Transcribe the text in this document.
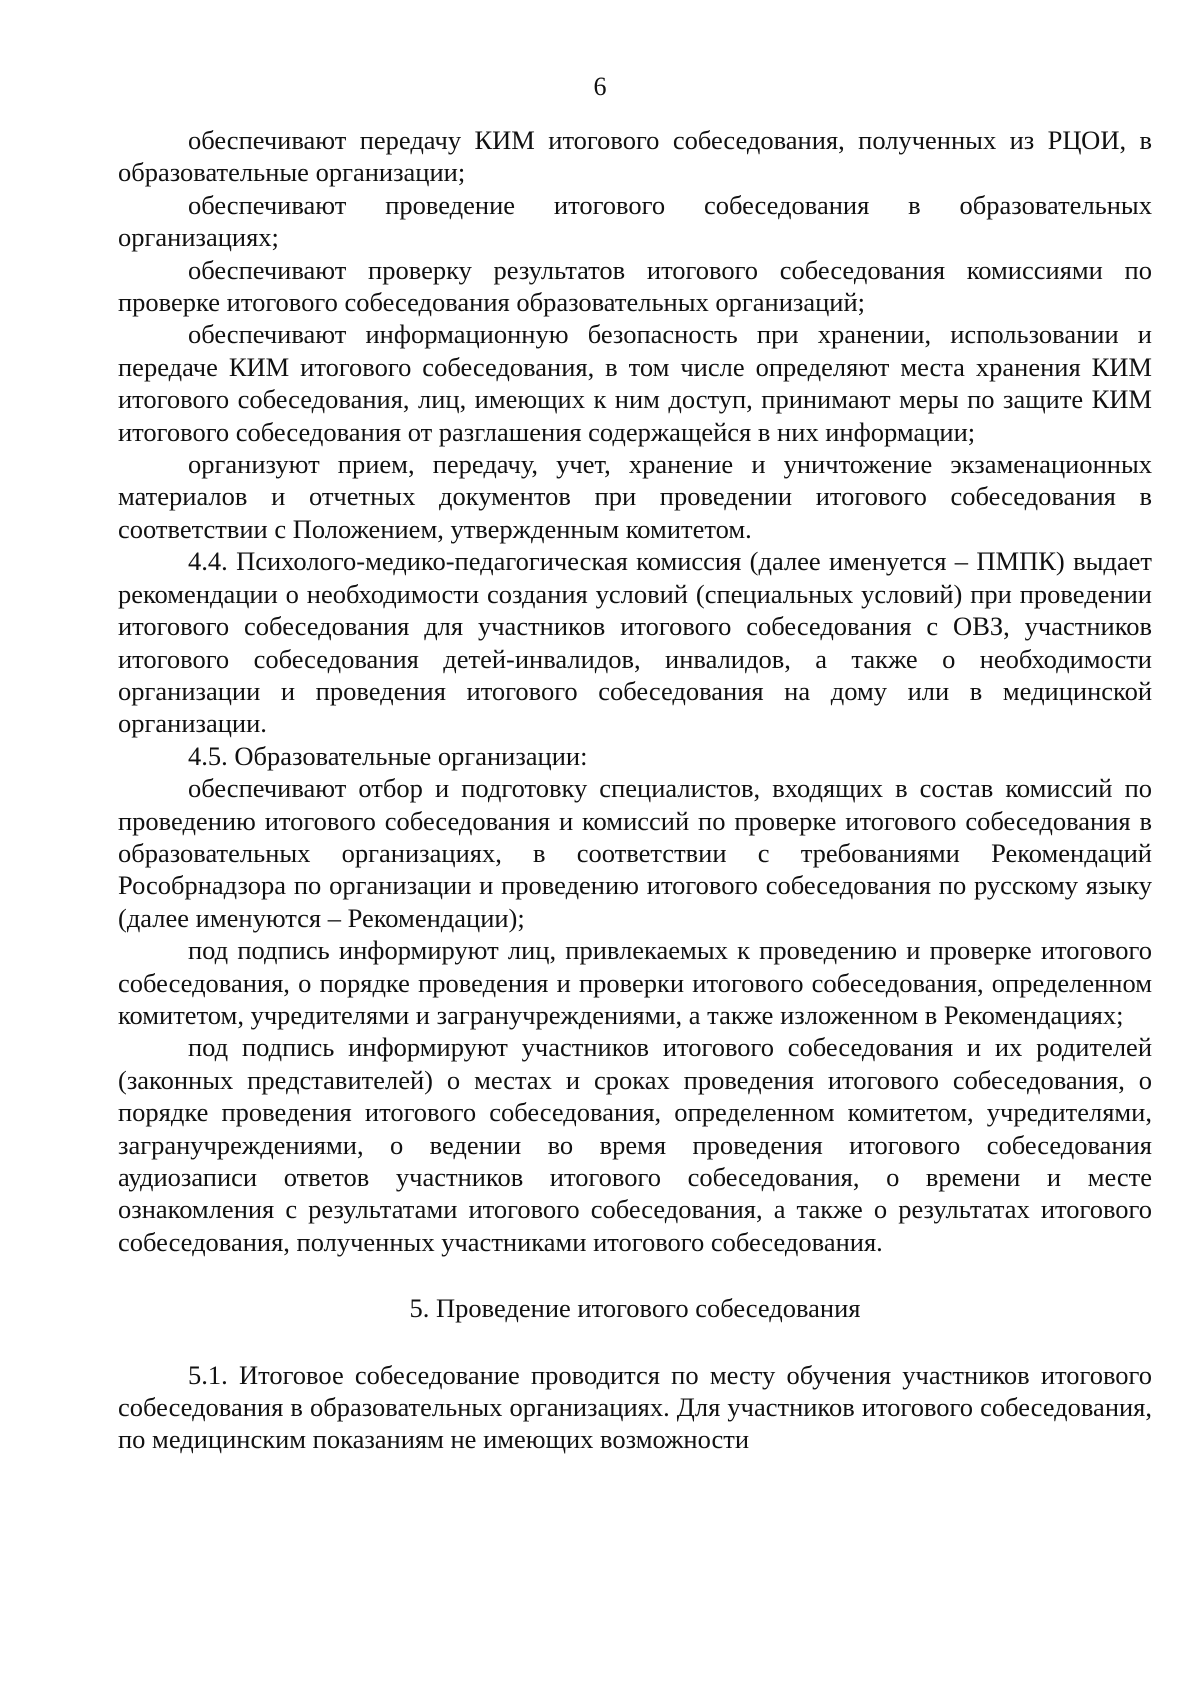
6

обеспечивают передачу КИМ итогового собеседования, полученных из РЦОИ, в образовательные организации;

обеспечивают проведение итогового собеседования в образовательных организациях;

обеспечивают проверку результатов итогового собеседования комиссиями по проверке итогового собеседования образовательных организаций;

обеспечивают информационную безопасность при хранении, использовании и передаче КИМ итогового собеседования, в том числе определяют места хранения КИМ итогового собеседования, лиц, имеющих к ним доступ, принимают меры по защите КИМ итогового собеседования от разглашения содержащейся в них информации;

организуют прием, передачу, учет, хранение и уничтожение экзаменационных материалов и отчетных документов при проведении итогового собеседования в соответствии с Положением, утвержденным комитетом.

4.4. Психолого-медико-педагогическая комиссия (далее именуется – ПМПК) выдает рекомендации о необходимости создания условий (специальных условий) при проведении итогового собеседования для участников итогового собеседования с ОВЗ, участников итогового собеседования детей-инвалидов, инвалидов, а также о необходимости организации и проведения итогового собеседования на дому или в медицинской организации.

4.5. Образовательные организации:

обеспечивают отбор и подготовку специалистов, входящих в состав комиссий по проведению итогового собеседования и комиссий по проверке итогового собеседования в образовательных организациях, в соответствии с требованиями Рекомендаций Рособрнадзора по организации и проведению итогового собеседования по русскому языку (далее именуются – Рекомендации);

под подпись информируют лиц, привлекаемых к проведению и проверке итогового собеседования, о порядке проведения и проверки итогового собеседования, определенном комитетом, учредителями и загранучреждениями, а также изложенном в Рекомендациях;

под подпись информируют участников итогового собеседования и их родителей (законных представителей) о местах и сроках проведения итогового собеседования, о порядке проведения итогового собеседования, определенном комитетом, учредителями, загранучреждениями, о ведении во время проведения итогового собеседования аудиозаписи ответов участников итогового собеседования, о времени и месте ознакомления с результатами итогового собеседования, а также о результатах итогового собеседования, полученных участниками итогового собеседования.

5. Проведение итогового собеседования

5.1. Итоговое собеседование проводится по месту обучения участников итогового собеседования в образовательных организациях. Для участников итогового собеседования, по медицинским показаниям не имеющих возможности
